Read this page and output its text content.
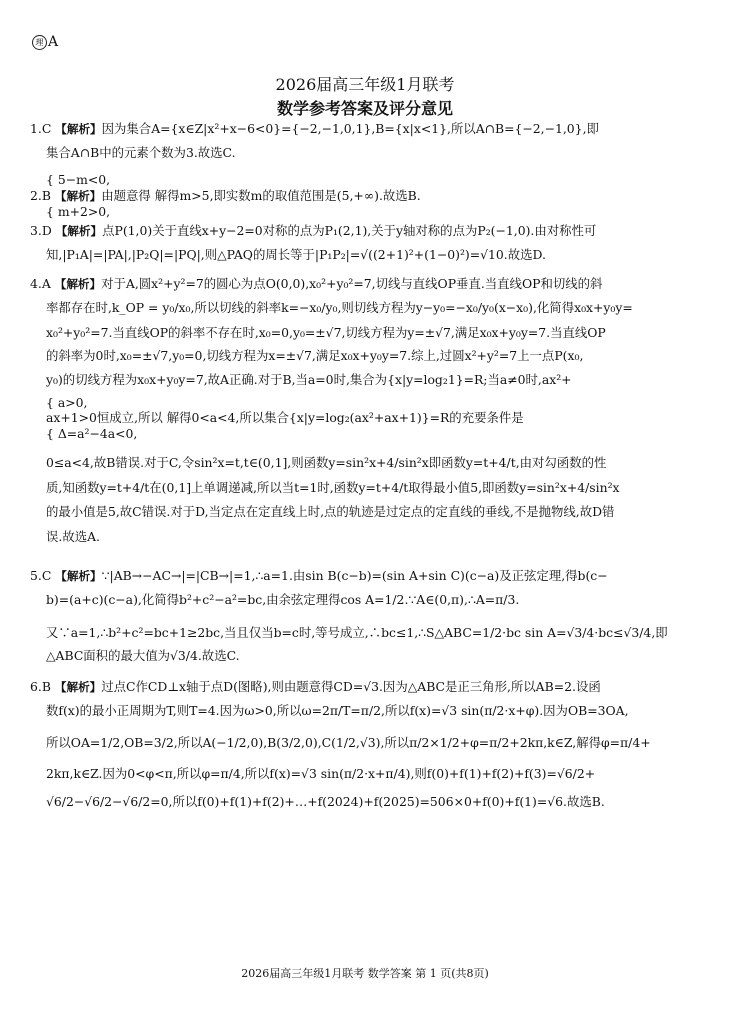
理 A
2026届高三年级1月联考
数学参考答案及评分意见
1.C 【解析】因为集合A={x∈Z|x²+x−6<0}={−2,−1,0,1},B={x|x<1},所以A∩B={−2,−1,0},即
集合A∩B中的元素个数为3.故选C.
{ 5−m<0,
2.B 【解析】由题意得 解得m>5,即实数m的取值范围是(5,+∞).故选B.
{ m+2>0,
3.D 【解析】点P(1,0)关于直线x+y−2=0对称的点为P₁(2,1),关于y轴对称的点为P₂(−1,0).由对称性可
知,|P₁A|=|PA|,|P₂Q|=|PQ|,则△PAQ的周长等于|P₁P₂|=√((2+1)²+(1−0)²)=√10.故选D.
4.A 【解析】对于A,圆x²+y²=7的圆心为点O(0,0),x₀²+y₀²=7,切线与直线OP垂直.当直线OP和切线的斜
率都存在时,k_OP = y₀/x₀,所以切线的斜率k=−x₀/y₀,则切线方程为y−y₀=−x₀/y₀(x−x₀),化简得x₀x+y₀y=
x₀²+y₀²=7.当直线OP的斜率不存在时,x₀=0,y₀=±√7,切线方程为y=±√7,满足x₀x+y₀y=7.当直线OP
的斜率为0时,x₀=±√7,y₀=0,切线方程为x=±√7,满足x₀x+y₀y=7.综上,过圆x²+y²=7上一点P(x₀,
y₀)的切线方程为x₀x+y₀y=7,故A正确.对于B,当a=0时,集合为{x|y=log₂1}=R;当a≠0时,ax²+
{ a>0,
ax+1>0恒成立,所以 解得0<a<4,所以集合{x|y=log₂(ax²+ax+1)}=R的充要条件是
{ Δ=a²−4a<0,
0≤a<4,故B错误.对于C,令sin²x=t,t∈(0,1],则函数y=sin²x+4/sin²x即函数y=t+4/t,由对勾函数的性
质,知函数y=t+4/t在(0,1]上单调递减,所以当t=1时,函数y=t+4/t取得最小值5,即函数y=sin²x+4/sin²x
的最小值是5,故C错误.对于D,当定点在定直线上时,点的轨迹是过定点的定直线的垂线,不是抛物线,故D错
误.故选A.
5.C 【解析】∵|AB→−AC→|=|CB→|=1,∴a=1.由sin B(c−b)=(sin A+sin C)(c−a)及正弦定理,得b(c−
b)=(a+c)(c−a),化简得b²+c²−a²=bc,由余弦定理得cos A=1/2.∵A∈(0,π),∴A=π/3.
又∵a=1,∴b²+c²=bc+1≥2bc,当且仅当b=c时,等号成立,∴bc≤1,∴S△ABC=1/2·bc sin A=√3/4·bc≤√3/4,即
△ABC面积的最大值为√3/4.故选C.
6.B 【解析】过点C作CD⊥x轴于点D(图略),则由题意得CD=√3.因为△ABC是正三角形,所以AB=2.设函
数f(x)的最小正周期为T,则T=4.因为ω>0,所以ω=2π/T=π/2,所以f(x)=√3 sin(π/2·x+φ).因为OB=3OA,
所以OA=1/2,OB=3/2,所以A(−1/2,0),B(3/2,0),C(1/2,√3),所以π/2×1/2+φ=π/2+2kπ,k∈Z,解得φ=π/4+
2kπ,k∈Z.因为0<φ<π,所以φ=π/4,所以f(x)=√3 sin(π/2·x+π/4),则f(0)+f(1)+f(2)+f(3)=√6/2+
√6/2−√6/2−√6/2=0,所以f(0)+f(1)+f(2)+…+f(2024)+f(2025)=506×0+f(0)+f(1)=√6.故选B.
2026届高三年级1月联考 数学答案 第 1 页(共8页)
